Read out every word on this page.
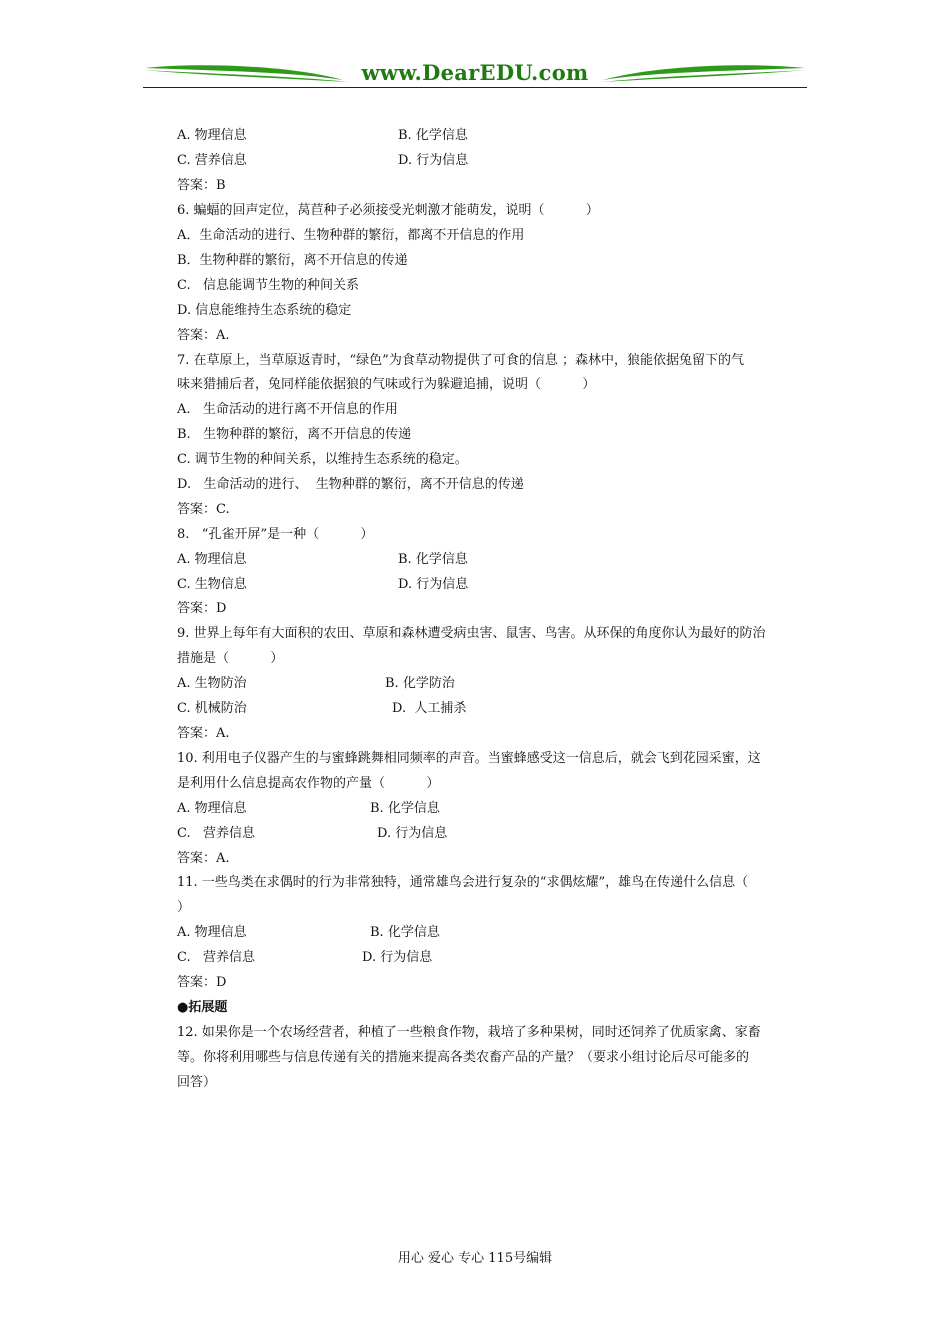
www.DearEDU.com
A. 物理信息	B. 化学信息
C. 营养信息	D. 行为信息
答案：B
6. 蝙蝠的回声定位，莴苣种子必须接受光刺激才能萌发，说明（          ）
A．生命活动的进行、生物种群的繁衍，都离不开信息的作用
B．生物种群的繁衍，离不开信息的传递
C.   信息能调节生物的种间关系
D. 信息能维持生态系统的稳定
答案：A.
7. 在草原上，当草原返青时，“绿色”为食草动物提供了可食的信息 ；森林中，狼能依据兔留下的气
味来猎捕后者，兔同样能依据狼的气味或行为躲避追捕，说明（          ）
A.   生命活动的进行离不开信息的作用
B.   生物种群的繁衍，离不开信息的传递
C. 调节生物的种间关系，以维持生态系统的稳定。
D.   生命活动的进行、  生物种群的繁衍，离不开信息的传递
答案：C.
8.   “孔雀开屏”是一种（          ）
A. 物理信息	B. 化学信息
C. 生物信息	D. 行为信息
答案：D
9. 世界上每年有大面积的农田、草原和森林遭受病虫害、鼠害、鸟害。从环保的角度你认为最好的防治
措施是（          ）
A. 生物防治	B. 化学防治
C. 机械防治	D.  人工捕杀
答案：A.
10. 利用电子仪器产生的与蜜蜂跳舞相同频率的声音。当蜜蜂感受这一信息后，就会飞到花园采蜜，这
是利用什么信息提高农作物的产量（          ）
A. 物理信息	B. 化学信息
C.   营养信息	D. 行为信息
答案：A.
11. 一些鸟类在求偶时的行为非常独特，通常雄鸟会进行复杂的“求偶炫耀”，雄鸟在传递什么信息（
）
A. 物理信息	B. 化学信息
C.   营养信息	D. 行为信息
答案：D
●拓展题
12. 如果你是一个农场经营者，种植了一些粮食作物，栽培了多种果树，同时还饲养了优质家禽、家畜
等。你将利用哪些与信息传递有关的措施来提高各类农畜产品的产量？（要求小组讨论后尽可能多的
回答）
用心 爱心 专心 115号编辑
